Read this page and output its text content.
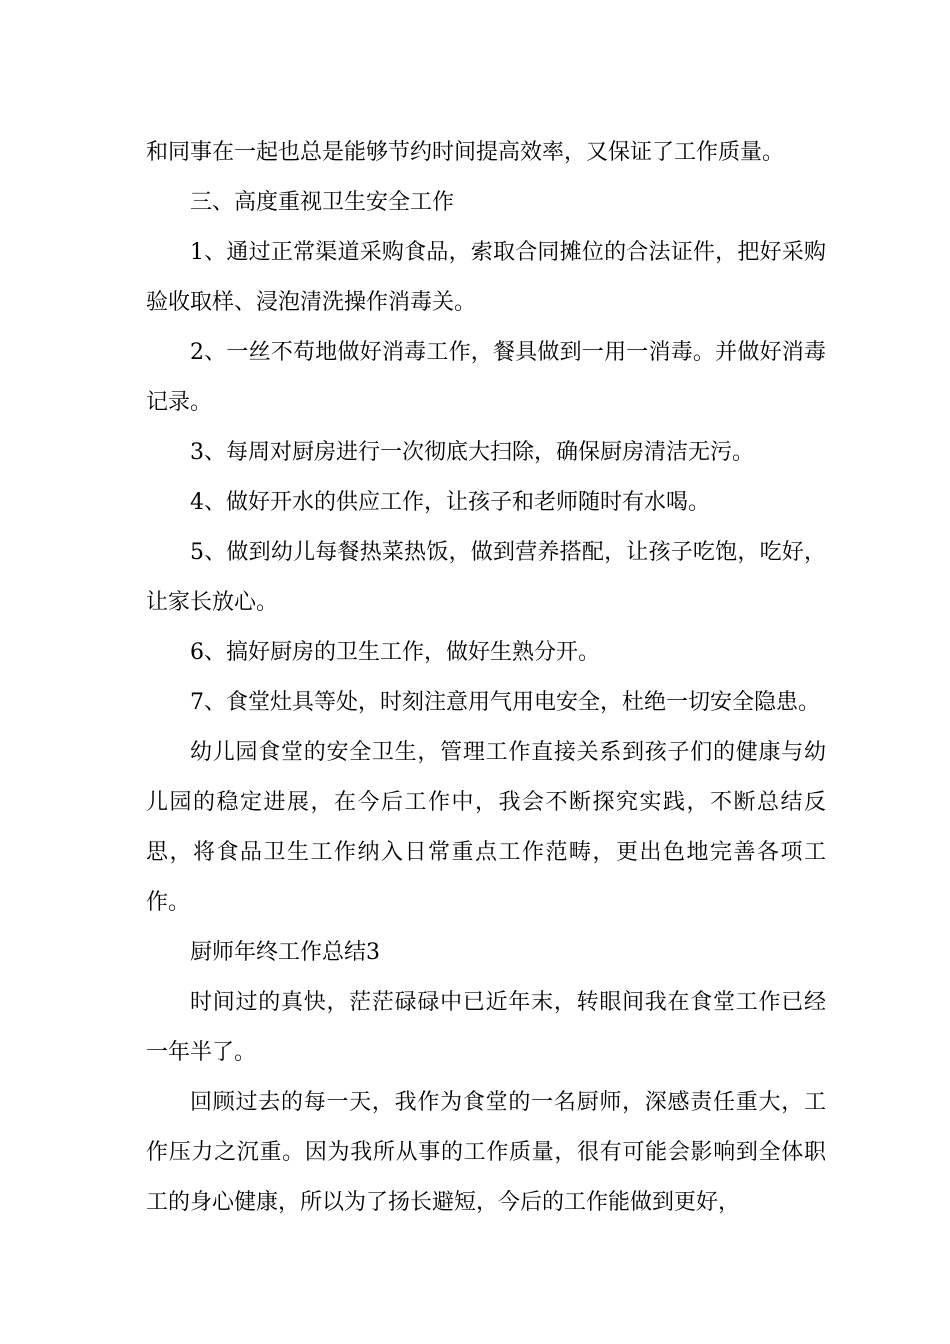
和同事在一起也总是能够节约时间提高效率，又保证了工作质量。

三、高度重视卫生安全工作

1、通过正常渠道采购食品，索取合同摊位的合法证件，把好采购验收取样、浸泡清洗操作消毒关。

2、一丝不苟地做好消毒工作，餐具做到一用一消毒。并做好消毒记录。

3、每周对厨房进行一次彻底大扫除，确保厨房清洁无污。

4、做好开水的供应工作，让孩子和老师随时有水喝。

5、做到幼儿每餐热菜热饭，做到营养搭配，让孩子吃饱，吃好，让家长放心。

6、搞好厨房的卫生工作，做好生熟分开。

7、食堂灶具等处，时刻注意用气用电安全，杜绝一切安全隐患。

幼儿园食堂的安全卫生，管理工作直接关系到孩子们的健康与幼儿园的稳定进展，在今后工作中，我会不断探究实践，不断总结反思，将食品卫生工作纳入日常重点工作范畴，更出色地完善各项工作。

厨师年终工作总结3

时间过的真快，茫茫碌碌中已近年末，转眼间我在食堂工作已经一年半了。

回顾过去的每一天，我作为食堂的一名厨师，深感责任重大，工作压力之沉重。因为我所从事的工作质量，很有可能会影响到全体职工的身心健康，所以为了扬长避短，今后的工作能做到更好，
